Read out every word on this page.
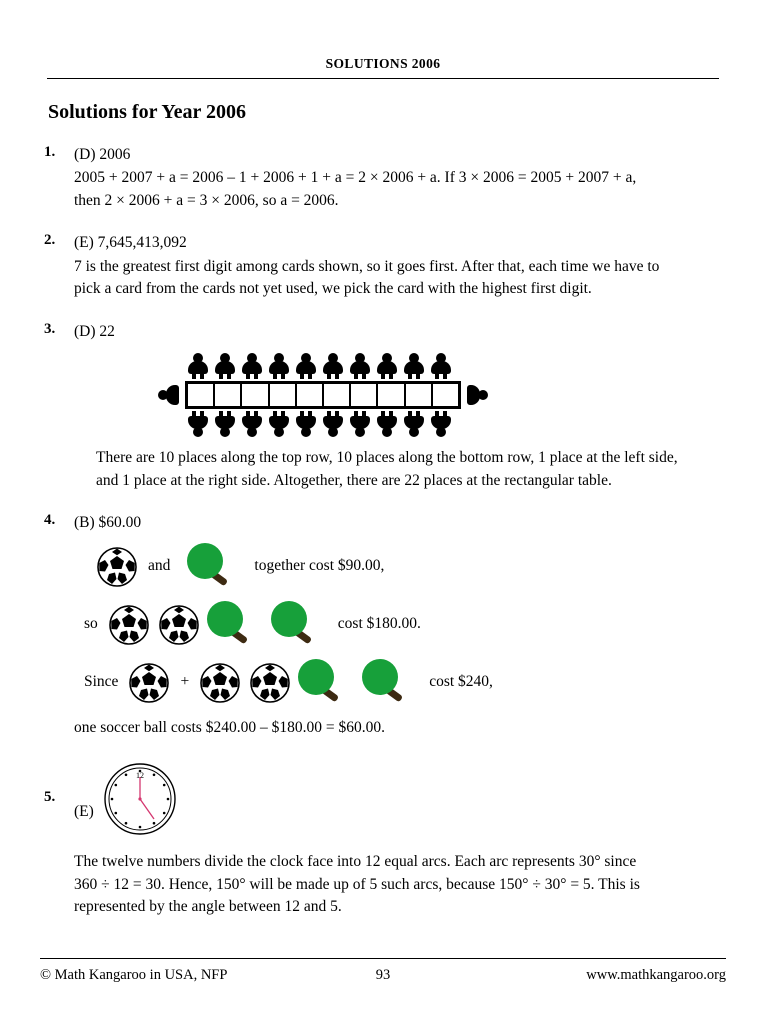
SOLUTIONS 2006
Solutions for Year 2006
1.	(D) 2006
2005 + 2007 + a = 2006 – 1 + 2006 + 1 + a = 2 × 2006 + a. If 3 × 2006 = 2005 + 2007 + a,
then 2 × 2006 + a = 3 × 2006, so a = 2006.
2.	(E) 7,645,413,092
7 is the greatest first digit among cards shown, so it goes first. After that, each time we have to
pick a card from the cards not yet used, we pick the card with the highest first digit.
3.	(D) 22
There are 10 places along the top row, 10 places along the bottom row, 1 place at the left side,
and 1 place at the right side. Altogether, there are 22 places at the rectangular table.
4.	(B) $60.00
and	together cost $90.00,
so	cost $180.00.
Since	+	cost $240,
one soccer ball costs $240.00 – $180.00 = $60.00.
5.
(E)
12
The twelve numbers divide the clock face into 12 equal arcs. Each arc represents 30° since
360 ÷ 12 = 30. Hence, 150° will be made up of 5 such arcs, because 150° ÷ 30° = 5. This is
represented by the angle between 12 and 5.
© Math Kangaroo in USA, NFP	93	www.mathkangaroo.org
